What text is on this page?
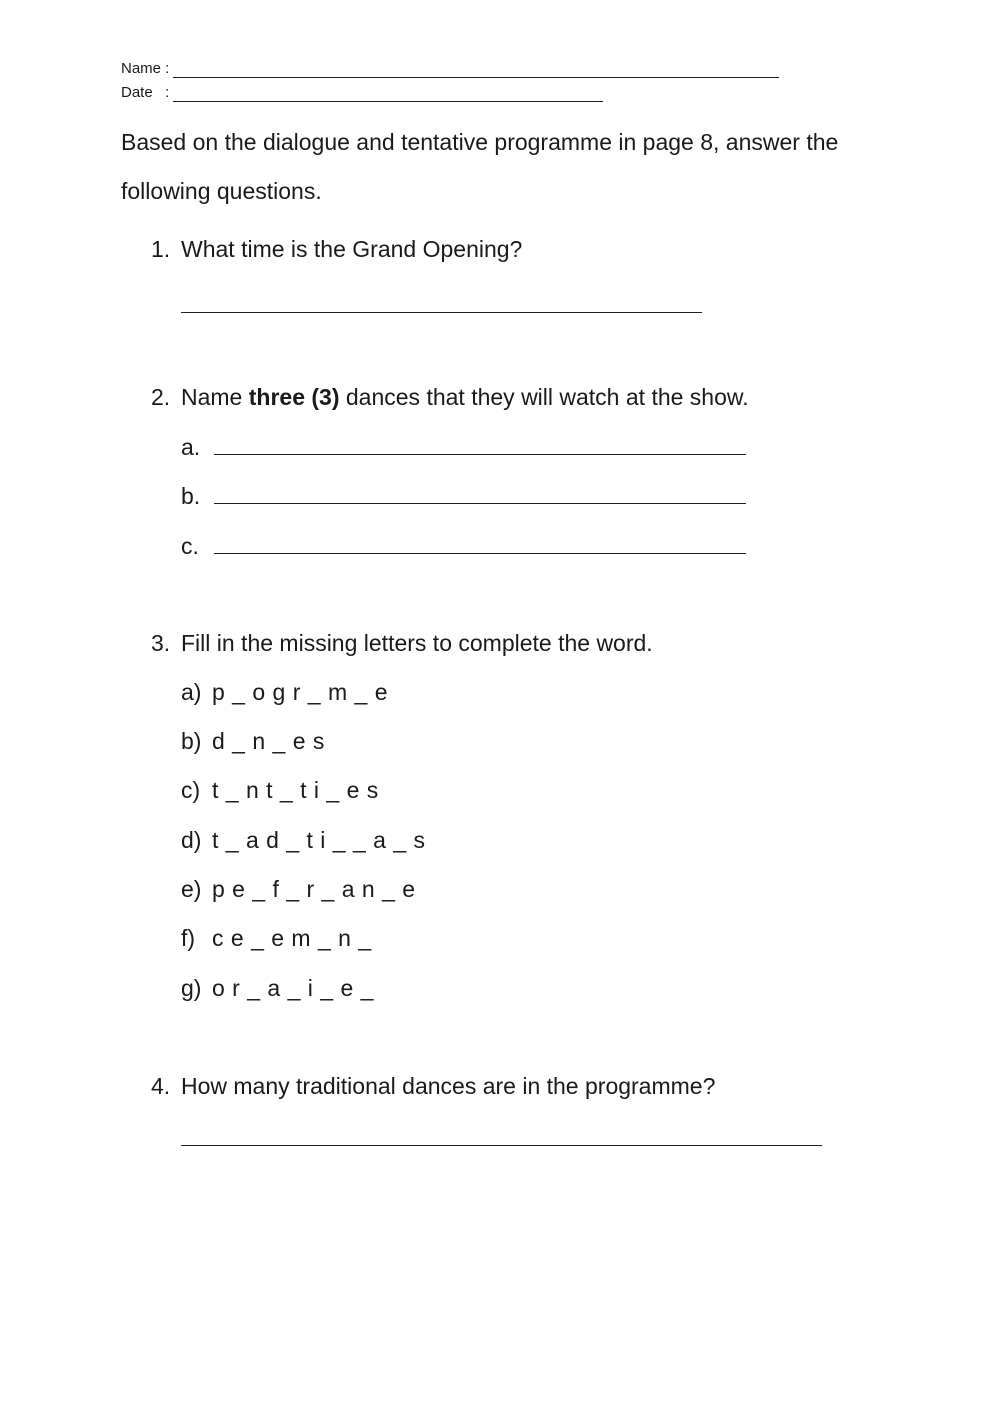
Name :
Date   :
Based on the dialogue and tentative programme in page 8, answer the following questions.
1. What time is the Grand Opening?
2. Name three (3) dances that they will watch at the show.
a.
b.
c.
3. Fill in the missing letters to complete the word.
a) p _ o g r _ m _ e
b) d _ n _ e s
c) t _ n t _ t i _ e s
d) t _ a d _ t i _ _ a _ s
e) p e _ f _ r _ a n _ e
f) c e _ e m _ n _
g) o r _ a _ i _ e _
4. How many traditional dances are in the programme?
